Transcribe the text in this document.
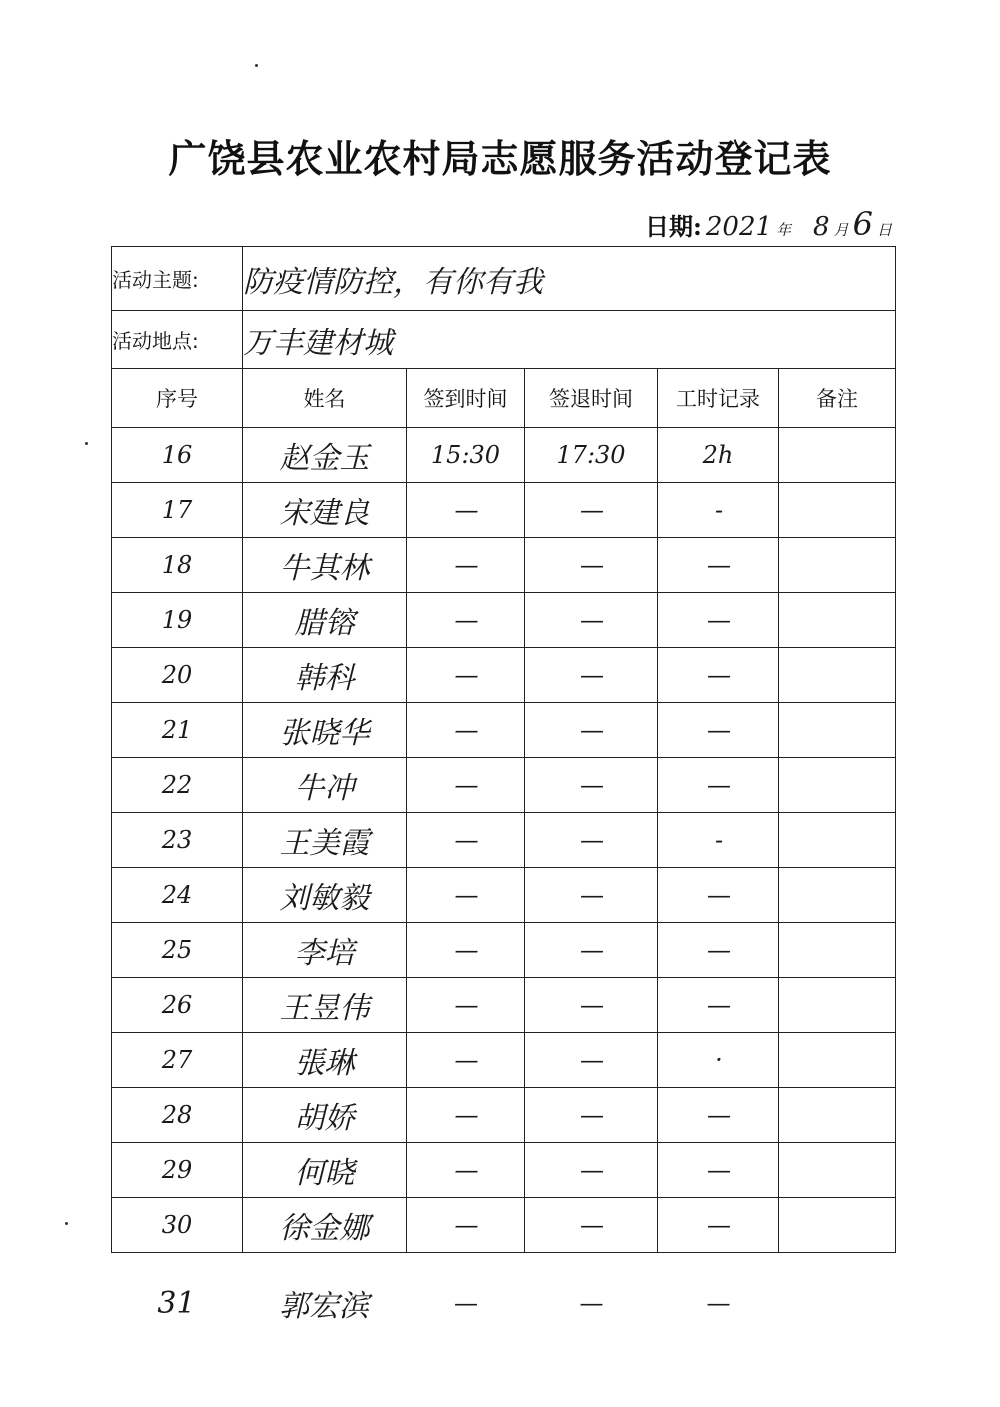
广饶县农业农村局志愿服务活动登记表
日期: 2021 年 8 月 6 日
活动主题:	防疫情防控，有你有我				
活动地点:	万丰建材城				
序号	姓名	签到时间	签退时间	工时记录	备注
16	赵金玉	15:30	17:30	2h	
17	宋建良	—	—	-	
18	牛其林	—	—	—	
19	腊镕	—	—	—	
20	韩科	—	—	—	
21	张晓华	—	—	—	
22	牛冲	—	—	—	
23	王美霞	—	—	-	
24	刘敏毅	—	—	—	
25	李培	—	—	—	
26	王昱伟	—	—	—	
27	張琳	—	—	·	
28	胡娇	—	—	—	
29	何晓	—	—	—	
30	徐金娜	—	—	—	
31	郭宏滨	—	—	—
